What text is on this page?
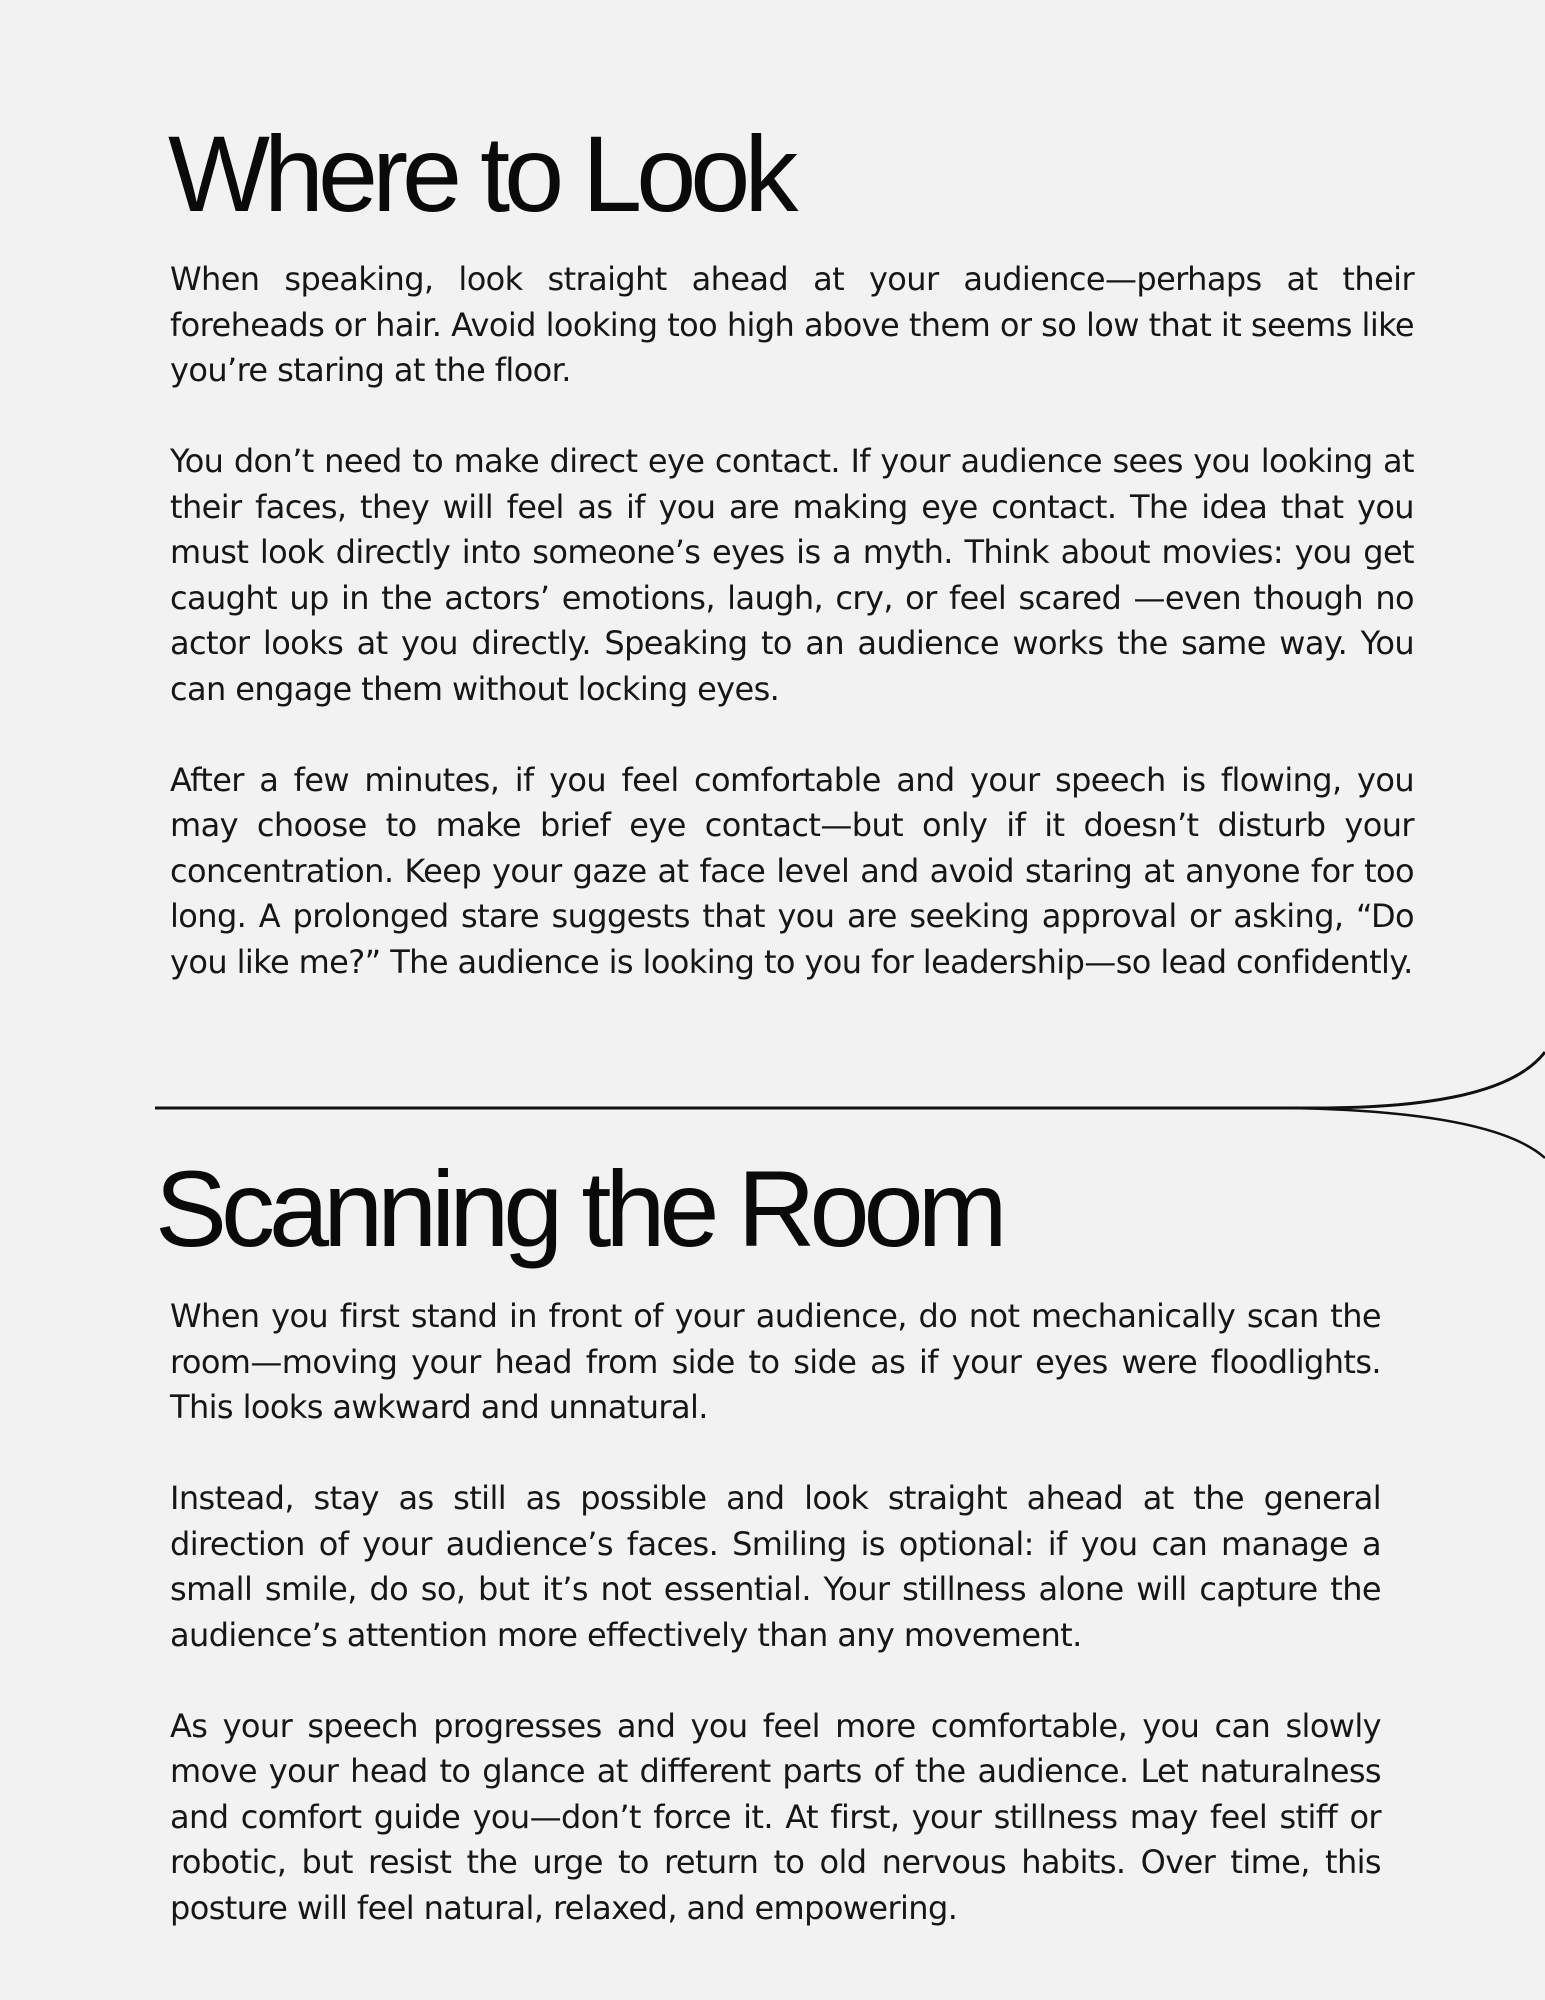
Where to Look

When speaking, look straight ahead at your audience—perhaps at their foreheads or hair. Avoid looking too high above them or so low that it seems like you’re staring at the floor.

You don’t need to make direct eye contact. If your audience sees you looking at their faces, they will feel as if you are making eye contact. The idea that you must look directly into someone’s eyes is a myth. Think about movies: you get caught up in the actors’ emotions, laugh, cry, or feel scared —even though no actor looks at you directly. Speaking to an audience works the same way. You can engage them without locking eyes.

After a few minutes, if you feel comfortable and your speech is flowing, you may choose to make brief eye contact—but only if it doesn’t disturb your concentration. Keep your gaze at face level and avoid staring at anyone for too long. A prolonged stare suggests that you are seeking approval or asking, “Do you like me?” The audience is looking to you for leadership—so lead confidently.

Scanning the Room

When you first stand in front of your audience, do not mechanically scan the room—moving your head from side to side as if your eyes were floodlights. This looks awkward and unnatural.

Instead, stay as still as possible and look straight ahead at the general direction of your audience’s faces. Smiling is optional: if you can manage a small smile, do so, but it’s not essential. Your stillness alone will capture the audience’s attention more effectively than any movement.

As your speech progresses and you feel more comfortable, you can slowly move your head to glance at different parts of the audience. Let naturalness and comfort guide you—don’t force it. At first, your stillness may feel stiff or robotic, but resist the urge to return to old nervous habits. Over time, this posture will feel natural, relaxed, and empowering.
